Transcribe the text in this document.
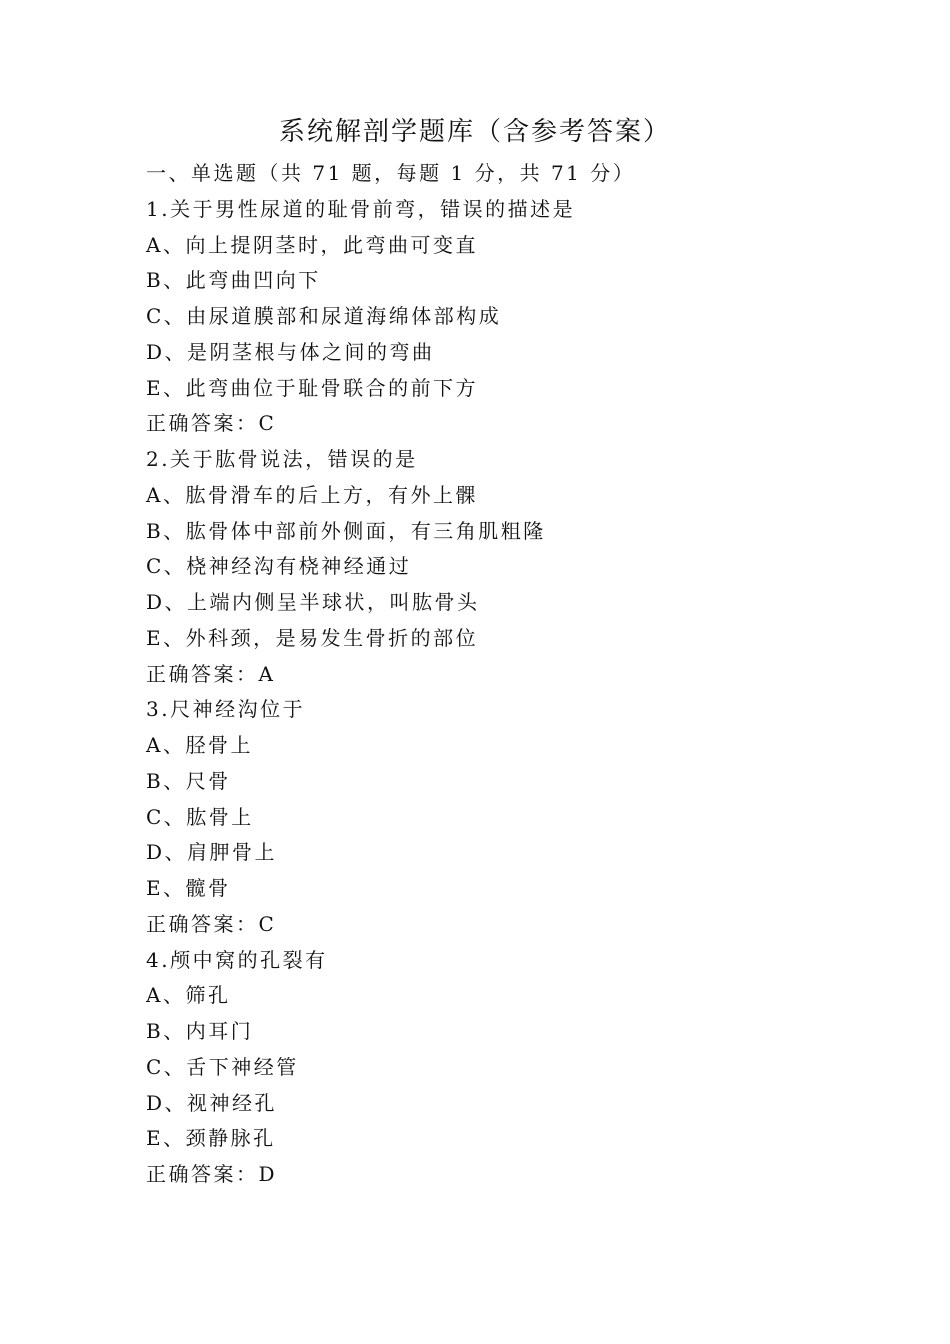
系统解剖学题库（含参考答案）
一、单选题（共 71 题，每题 1 分，共 71 分）
1.关于男性尿道的耻骨前弯，错误的描述是
A、向上提阴茎时，此弯曲可变直
B、此弯曲凹向下
C、由尿道膜部和尿道海绵体部构成
D、是阴茎根与体之间的弯曲
E、此弯曲位于耻骨联合的前下方
正确答案：C
2.关于肱骨说法，错误的是
A、肱骨滑车的后上方，有外上髁
B、肱骨体中部前外侧面，有三角肌粗隆
C、桡神经沟有桡神经通过
D、上端内侧呈半球状，叫肱骨头
E、外科颈，是易发生骨折的部位
正确答案：A
3.尺神经沟位于
A、胫骨上
B、尺骨
C、肱骨上
D、肩胛骨上
E、髋骨
正确答案：C
4.颅中窝的孔裂有
A、筛孔
B、内耳门
C、舌下神经管
D、视神经孔
E、颈静脉孔
正确答案：D
